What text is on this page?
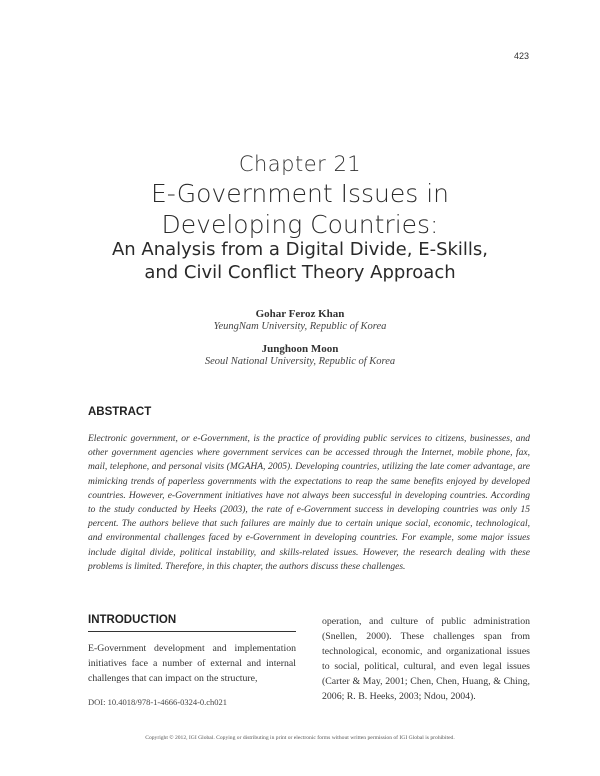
423
Chapter 21
E-Government Issues in
Developing Countries:
An Analysis from a Digital Divide, E-Skills,
and Civil Conflict Theory Approach
Gohar Feroz Khan
YeungNam University, Republic of Korea
Junghoon Moon
Seoul National University, Republic of Korea
ABSTRACT

Electronic government, or e-Government, is the practice of providing public services to citizens, businesses, and other government agencies where government services can be accessed through the Internet, mobile phone, fax, mail, telephone, and personal visits (MGAHA, 2005). Developing countries, utilizing the late comer advantage, are mimicking trends of paperless governments with the expectations to reap the same benefits enjoyed by developed countries. However, e-Government initiatives have not always been successful in developing countries. According to the study conducted by Heeks (2003), the rate of e-Government success in developing countries was only 15 percent. The authors believe that such failures are mainly due to certain unique social, economic, technological, and environmental challenges faced by e-Government in developing countries. For example, some major issues include digital divide, political instability, and skills-related issues. However, the research dealing with these problems is limited. Therefore, in this chapter, the authors discuss these challenges.

INTRODUCTION

E-Government development and implementation initiatives face a number of external and internal challenges that can impact on the structure,

operation, and culture of public administration (Snellen, 2000). These challenges span from technological, economic, and organizational issues to social, political, cultural, and even legal issues (Carter & May, 2001; Chen, Chen, Huang, & Ching, 2006; R. B. Heeks, 2003; Ndou, 2004).

DOI: 10.4018/978-1-4666-0324-0.ch021
Copyright © 2012, IGI Global. Copying or distributing in print or electronic forms without written permission of IGI Global is prohibited.
